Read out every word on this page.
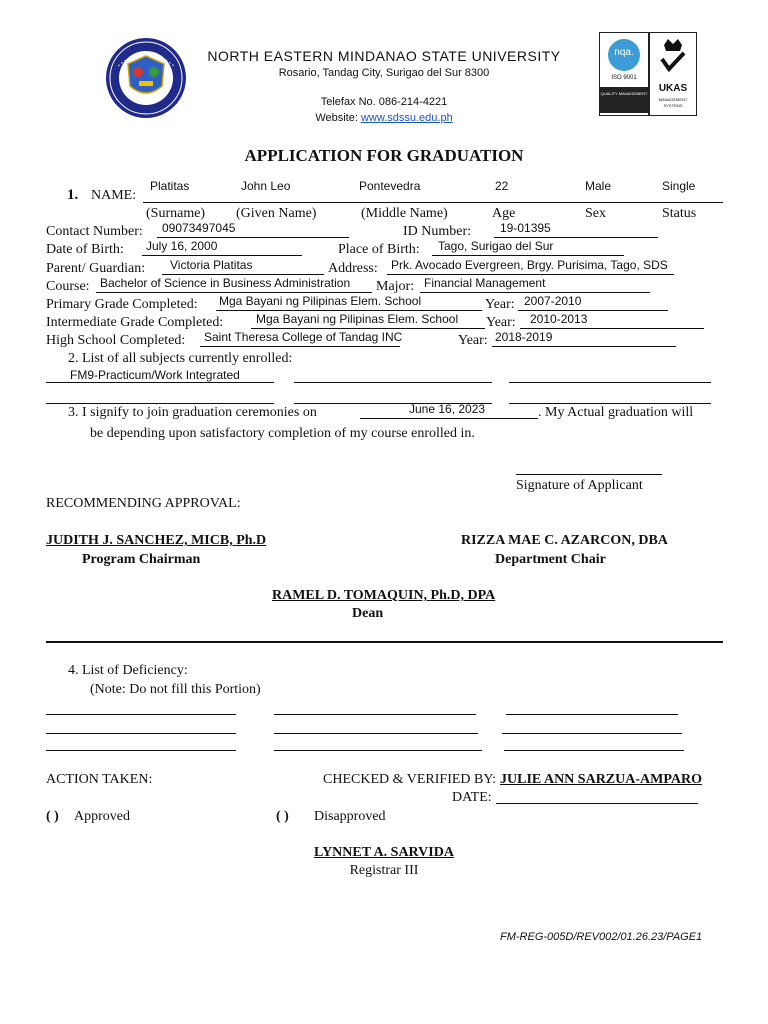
NORTH EASTERN MINDANAO STATE UNIVERSITY
Rosario, Tandag City, Surigao del Sur 8300
Telefax No. 086-214-4221
Website: www.sdssu.edu.ph
nqa.
ISO 9001
QUALITY MANAGEMENT	UKAS
MANAGEMENT SYSTEMS
APPLICATION FOR GRADUATION
1. NAME:
Platitas	John Leo	Pontevedra	22	Male	Single
(Surname) (Given Name)	(Middle Name)	Age	Sex	Status
Contact Number: 09073497045	ID Number: 19-01395
Date of Birth: July 16, 2000	Place of Birth: Tago, Surigao del Sur
Parent/ Guardian: Victoria Platitas	Address: Prk. Avocado Evergreen, Brgy. Purisima, Tago, SDS
Course: Bachelor of Science in Business Administration Major: Financial Management
Primary Grade Completed: Mga Bayani ng Pilipinas Elem. School	Year: 2007-2010
Intermediate Grade Completed:	Mga Bayani ng Pilipinas Elem. School Year: 2010-2013
High School Completed: Saint Theresa College of Tandag INC	Year: 2018-2019
2. List of all subjects currently enrolled:
FM9-Practicum/Work Integrated
3. I signify to join graduation ceremonies on	June 16, 2023	. My Actual graduation will
be depending upon satisfactory completion of my course enrolled in.
Signature of Applicant
RECOMMENDING APPROVAL:
JUDITH J. SANCHEZ, MICB, Ph.D
Program Chairman
RIZZA MAE C. AZARCON, DBA
Department Chair
RAMEL D. TOMAQUIN, Ph.D, DPA
Dean
4. List of Deficiency:
(Note: Do not fill this Portion)
ACTION TAKEN:	CHECKED & VERIFIED BY: JULIE ANN SARZUA-AMPARO
DATE:
( ) Approved	( ) Disapproved
LYNNET A. SARVIDA
Registrar III
FM-REG-005D/REV002/01.26.23/PAGE1
